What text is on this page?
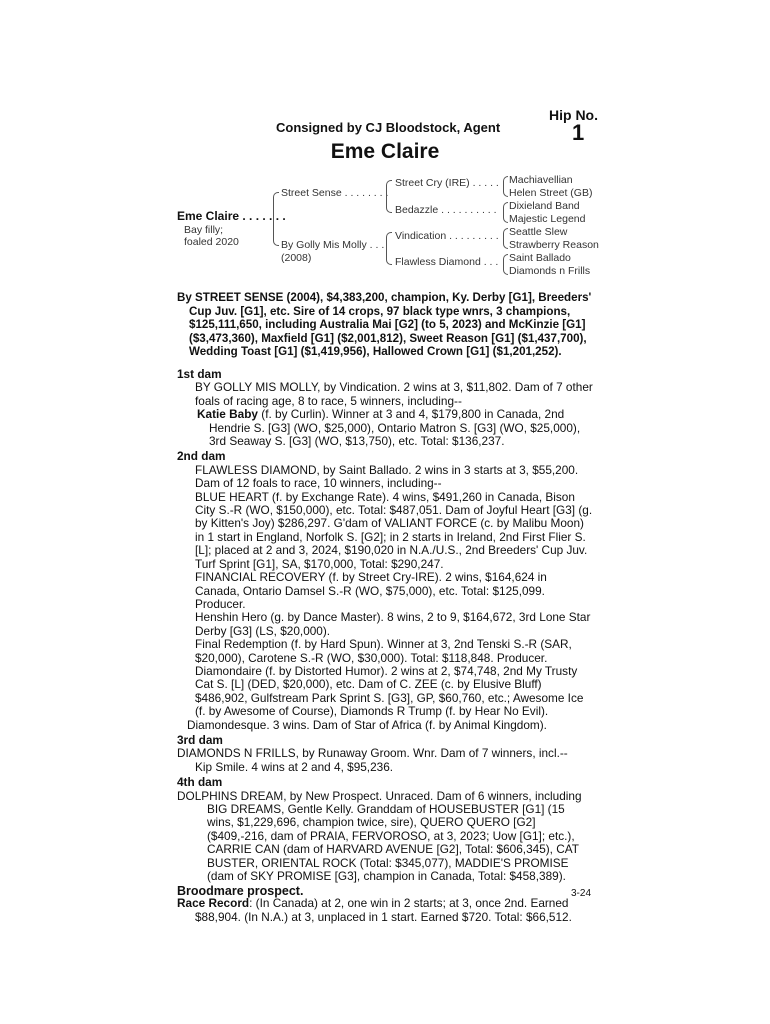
Hip No.
1
Consigned by CJ Bloodstock, Agent
Eme Claire
Eme Claire . . . . . . .
Bay filly;
foaled 2020
Street Sense . . . . . . . .
By Golly Mis Molly . . .
(2008)
Street Cry (IRE) . . . . .
Bedazzle . . . . . . . . . .
Vindication . . . . . . . . .
Flawless Diamond . . .
Machiavellian
Helen Street (GB)
Dixieland Band
Majestic Legend
Seattle Slew
Strawberry Reason
Saint Ballado
Diamonds n Frills

By STREET SENSE (2004), $4,383,200, champion, Ky. Derby [G1], Breeders' Cup Juv. [G1], etc. Sire of 14 crops, 97 black type wnrs, 3 champions, $125,111,650, including Australia Mai [G2] (to 5, 2023) and McKinzie [G1] ($3,473,360), Maxfield [G1] ($2,001,812), Sweet Reason [G1] ($1,437,700), Wedding Toast [G1] ($1,419,956), Hallowed Crown [G1] ($1,201,252).

1st dam

BY GOLLY MIS MOLLY, by Vindication. 2 wins at 3, $11,802. Dam of 7 other foals of racing age, 8 to race, 5 winners, including--

Katie Baby (f. by Curlin). Winner at 3 and 4, $179,800 in Canada, 2nd Hendrie S. [G3] (WO, $25,000), Ontario Matron S. [G3] (WO, $25,000), 3rd Seaway S. [G3] (WO, $13,750), etc. Total: $136,237.

2nd dam

FLAWLESS DIAMOND, by Saint Ballado. 2 wins in 3 starts at 3, $55,200. Dam of 12 foals to race, 10 winners, including--

BLUE HEART (f. by Exchange Rate). 4 wins, $491,260 in Canada, Bison City S.-R (WO, $150,000), etc. Total: $487,051. Dam of Joyful Heart [G3] (g. by Kitten's Joy) $286,297. G'dam of VALIANT FORCE (c. by Malibu Moon) in 1 start in England, Norfolk S. [G2]; in 2 starts in Ireland, 2nd First Flier S. [L]; placed at 2 and 3, 2024, $190,020 in N.A./U.S., 2nd Breeders' Cup Juv. Turf Sprint [G1], SA, $170,000, Total: $290,247.

FINANCIAL RECOVERY (f. by Street Cry-IRE). 2 wins, $164,624 in Canada, Ontario Damsel S.-R (WO, $75,000), etc. Total: $125,099. Producer.

Henshin Hero (g. by Dance Master). 8 wins, 2 to 9, $164,672, 3rd Lone Star Derby [G3] (LS, $20,000).

Final Redemption (f. by Hard Spun). Winner at 3, 2nd Tenski S.-R (SAR, $20,000), Carotene S.-R (WO, $30,000). Total: $118,848. Producer.

Diamondaire (f. by Distorted Humor). 2 wins at 2, $74,748, 2nd My Trusty Cat S. [L] (DED, $20,000), etc. Dam of C. ZEE (c. by Elusive Bluff) $486,902, Gulfstream Park Sprint S. [G3], GP, $60,760, etc.; Awesome Ice (f. by Awesome of Course), Diamonds R Trump (f. by Hear No Evil).

Diamondesque. 3 wins. Dam of Star of Africa (f. by Animal Kingdom).

3rd dam

DIAMONDS N FRILLS, by Runaway Groom. Wnr. Dam of 7 winners, incl.--

Kip Smile. 4 wins at 2 and 4, $95,236.

4th dam

DOLPHINS DREAM, by New Prospect. Unraced. Dam of 6 winners, including BIG DREAMS, Gentle Kelly. Granddam of HOUSEBUSTER [G1] (15 wins, $1,229,696, champion twice, sire), QUERO QUERO [G2] ($409,-216, dam of PRAIA, FERVOROSO, at 3, 2023; Uow [G1]; etc.), CARRIE CAN (dam of HARVARD AVENUE [G2], Total: $606,345), CAT BUSTER, ORIENTAL ROCK (Total: $345,077), MADDIE'S PROMISE (dam of SKY PROMISE [G3], champion in Canada, Total: $458,389).

Race Record: (In Canada) at 2, one win in 2 starts; at 3, once 2nd. Earned $88,904. (In N.A.) at 3, unplaced in 1 start. Earned $720. Total: $66,512.

Broodmare prospect.	3-24
